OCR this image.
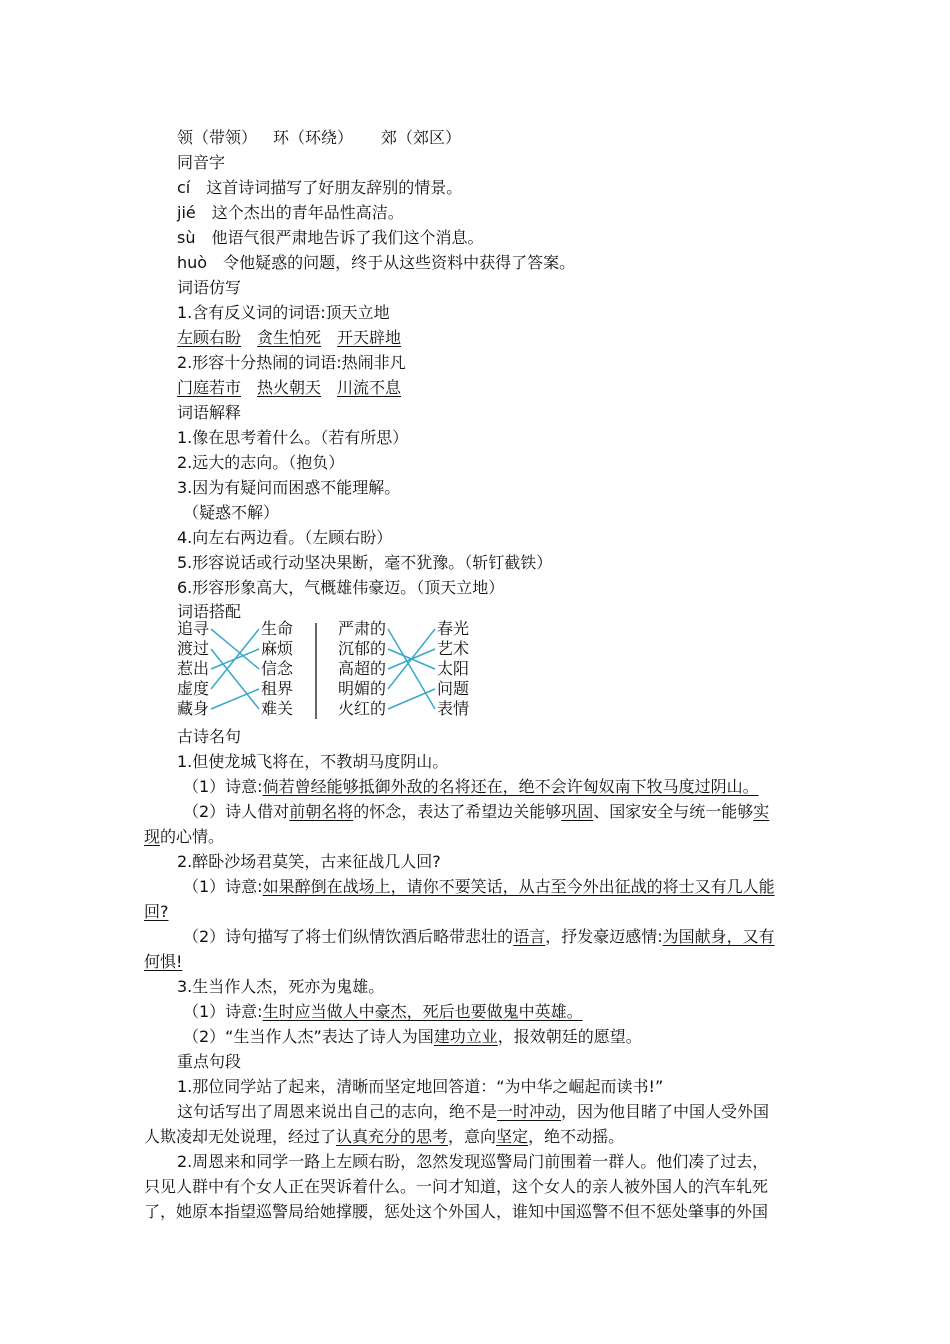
领（带领） 环（环绕） 郊（郊区）
同音字
cí 这首诗词描写了好朋友辞别的情景。
jié 这个杰出的青年品性高洁。
sù 他语气很严肃地告诉了我们这个消息。
huò 令他疑惑的问题，终于从这些资料中获得了答案。
词语仿写
1.含有反义词的词语:顶天立地
左顾右盼 贪生怕死 开天辟地
2.形容十分热闹的词语:热闹非凡
门庭若市 热火朝天 川流不息
词语解释
1.像在思考着什么。（若有所思）
2.远大的志向。（抱负）
3.因为有疑问而困惑不能理解。
（疑惑不解）
4.向左右两边看。（左顾右盼）
5.形容说话或行动坚决果断，毫不犹豫。（斩钉截铁）
6.形容形象高大，气概雄伟豪迈。（顶天立地）
词语搭配
追寻
渡过
惹出
虚度
藏身
生命
麻烦
信念
租界
难关
严肃的
沉郁的
高超的
明媚的
火红的
春光
艺术
太阳
问题
表情
古诗名句
1.但使龙城飞将在，不教胡马度阴山。
（1）诗意:倘若曾经能够抵御外敌的名将还在，绝不会许匈奴南下牧马度过阴山。
（2）诗人借对前朝名将的怀念，表达了希望边关能够巩固、国家安全与统一能够实
现的心情。
2.醉卧沙场君莫笑，古来征战几人回?
（1）诗意:如果醉倒在战场上，请你不要笑话，从古至今外出征战的将士又有几人能
回?
（2）诗句描写了将士们纵情饮酒后略带悲壮的语言，抒发豪迈感情:为国献身，又有
何惧!
3.生当作人杰，死亦为鬼雄。
（1）诗意:生时应当做人中豪杰，死后也要做鬼中英雄。
（2）“生当作人杰”表达了诗人为国建功立业，报效朝廷的愿望。
重点句段
1.那位同学站了起来，清晰而坚定地回答道：“为中华之崛起而读书!”
这句话写出了周恩来说出自己的志向，绝不是一时冲动，因为他目睹了中国人受外国
人欺凌却无处说理，经过了认真充分的思考，意向坚定，绝不动摇。
2.周恩来和同学一路上左顾右盼，忽然发现巡警局门前围着一群人。他们凑了过去，
只见人群中有个女人正在哭诉着什么。一问才知道，这个女人的亲人被外国人的汽车轧死
了，她原本指望巡警局给她撑腰，惩处这个外国人，谁知中国巡警不但不惩处肇事的外国
